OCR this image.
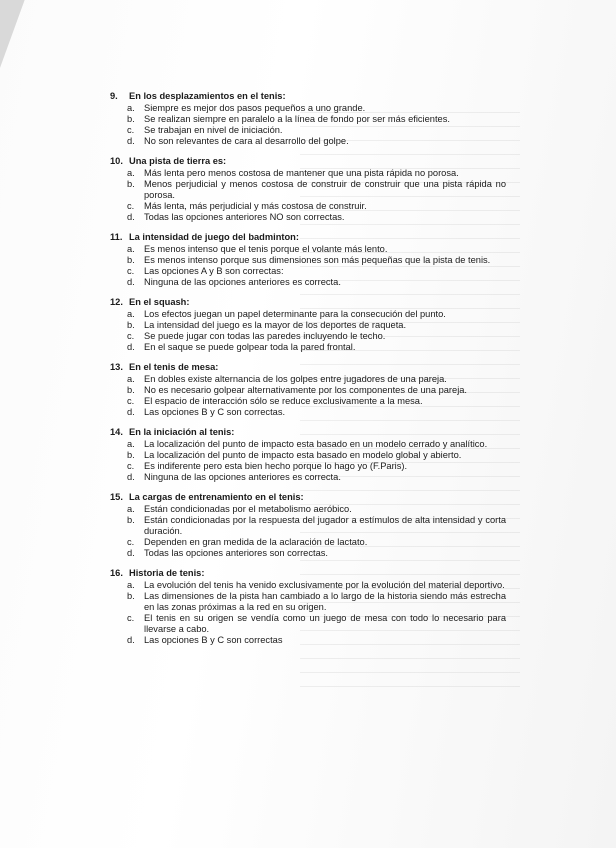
9.	En los desplazamientos en el tenis:
a. Siempre es mejor dos pasos pequeños a uno grande.
b. Se realizan siempre en paralelo a la línea de fondo por ser más eficientes.
c.	Se trabajan en nivel de iniciación.
d. No son relevantes de cara al desarrollo del golpe.
10. Una pista de tierra es:
a. Más lenta pero menos costosa de mantener que una pista rápida no porosa.
b. Menos perjudicial y menos costosa de construir de construir que una pista rápida no porosa.
c.	Más lenta, más perjudicial y más costosa de construir.
d. Todas las opciones anteriores NO son correctas.
11. La intensidad de juego del badminton:
a. Es menos intenso que el tenis porque el volante más lento.
b. Es menos intenso porque sus dimensiones son más pequeñas que la pista de tenis.
c.	Las opciones A y B son correctas:
d. Ninguna de las opciones anteriores es correcta.
12. En el squash:
a. Los efectos juegan un papel determinante para la consecución del punto.
b. La intensidad del juego es la mayor de los deportes de raqueta.
c.	Se puede jugar con todas las paredes incluyendo le techo.
d. En el saque se puede golpear toda la pared frontal.
13. En el tenis de mesa:
a. En dobles existe alternancia de los golpes entre jugadores de una pareja.
b. No es necesario golpear alternativamente por los componentes de una pareja.
c.	El espacio de interacción sólo se reduce exclusivamente a la mesa.
d. Las opciones B y C son correctas.
14. En la iniciación al tenis:
a. La localización del punto de impacto esta basado en un modelo cerrado y analítico.
b. La localización del punto de impacto esta basado en modelo global y abierto.
c.	Es indiferente pero esta bien hecho porque lo hago yo (F.Paris).
d. Ninguna de las opciones anteriores es correcta.
15. La cargas de entrenamiento en el tenis:
a. Están condicionadas por el metabolismo aeróbico.
b. Están condicionadas por la respuesta del jugador a estímulos de alta intensidad y corta duración.
c.	Dependen en gran medida de la aclaración de lactato.
d. Todas las opciones anteriores son correctas.
16. Historia de tenis:
a. La evolución del tenis ha venido exclusivamente por la evolución del material deportivo.
b. Las dimensiones de la pista han cambiado a lo largo de la historia siendo más estrecha en las zonas próximas a la red en su origen.
c.	El tenis en su origen se vendía como un juego de mesa con todo lo necesario para llevarse a cabo.
d. Las opciones B y C son correctas
